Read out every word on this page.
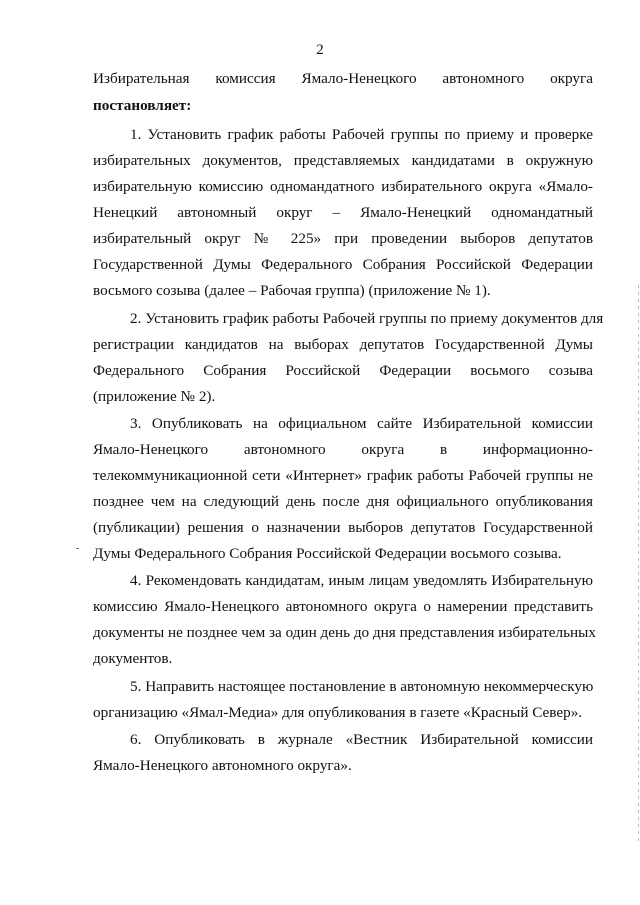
2
Избирательная комиссия Ямало-Ненецкого автономного округа
постановляет:
1. Установить график работы Рабочей группы по приему и проверке
избирательных документов, представляемых кандидатами в окружную
избирательную комиссию одномандатного избирательного округа «Ямало-
Ненецкий автономный округ – Ямало-Ненецкий одномандатный
избирательный округ № 225» при проведении выборов депутатов
Государственной Думы Федерального Собрания Российской Федерации
восьмого созыва (далее – Рабочая группа) (приложение № 1).
2. Установить график работы Рабочей группы по приему документов для
регистрации кандидатов на выборах депутатов Государственной Думы
Федерального Собрания Российской Федерации восьмого созыва
(приложение № 2).
3. Опубликовать на официальном сайте Избирательной комиссии
Ямало-Ненецкого автономного округа в информационно-
телекоммуникационной сети «Интернет» график работы Рабочей группы не
позднее чем на следующий день после дня официального опубликования
(публикации) решения о назначении выборов депутатов Государственной
Думы Федерального Собрания Российской Федерации восьмого созыва.
4. Рекомендовать кандидатам, иным лицам уведомлять Избирательную
комиссию Ямало-Ненецкого автономного округа о намерении представить
документы не позднее чем за один день до дня представления избирательных
документов.
5. Направить настоящее постановление в автономную некоммерческую
организацию «Ямал-Медиа» для опубликования в газете «Красный Север».
6. Опубликовать в журнале «Вестник Избирательной комиссии
Ямало-Ненецкого автономного округа».
